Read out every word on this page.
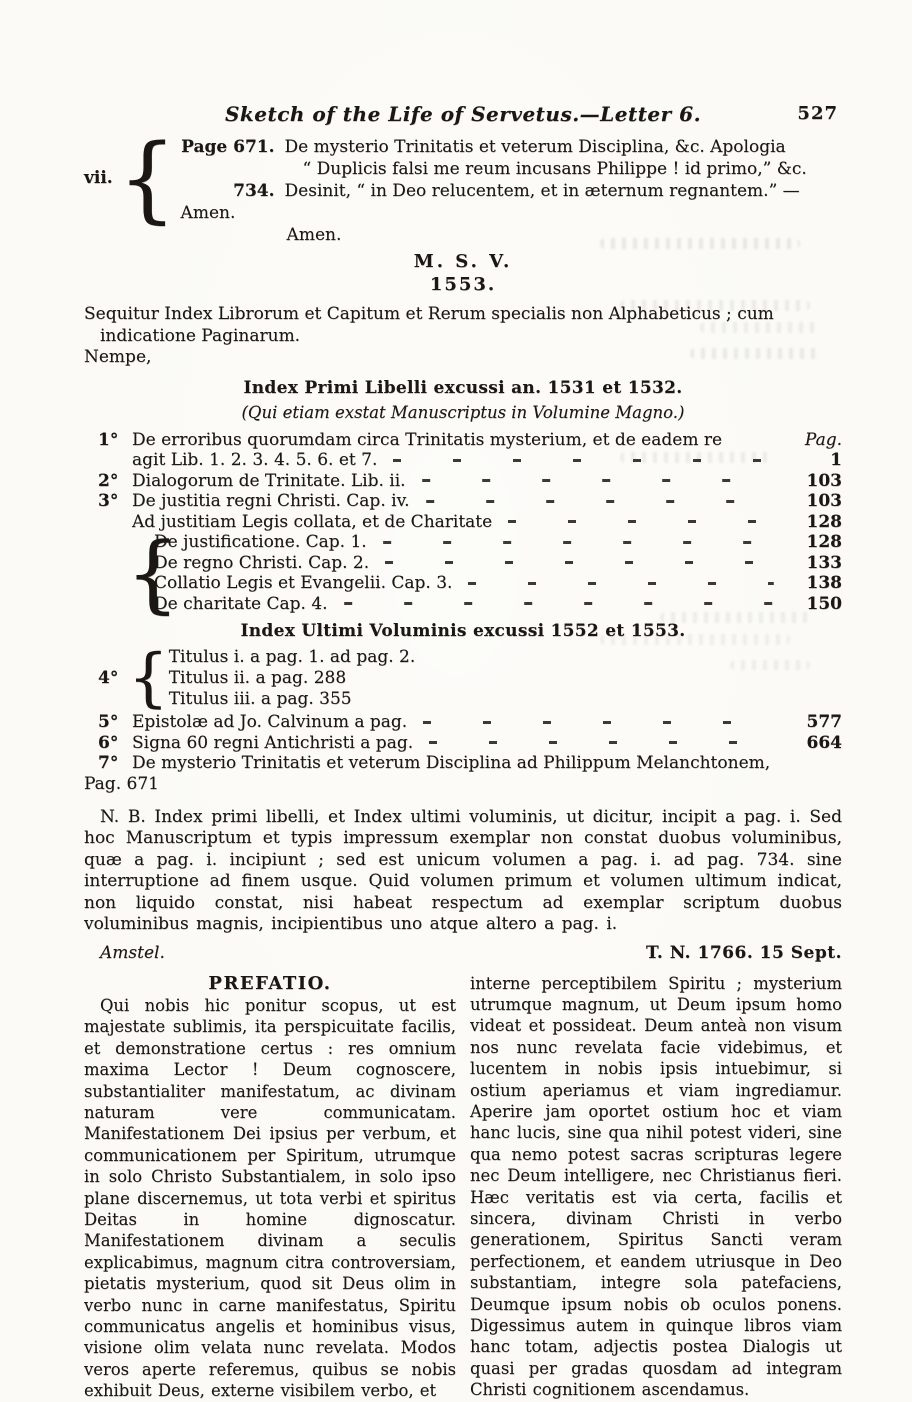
Sketch of the Life of Servetus.—Letter 6.	527
vii. { Page 671. De mysterio Trinitatis et veterum Disciplina, &c. Apologia
“ Duplicis falsi me reum incusans Philippe ! id primo,” &c.
734. Desinit, “ in Deo relucentem, et in æternum regnantem.” —Amen.
Amen.
M. S. V.
1553.
Sequitur Index Librorum et Capitum et Rerum specialis non Alphabeticus ; cum
indicatione Paginarum.
Nempe,
Index Primi Libelli excussi an. 1531 et 1532.
(Qui etiam exstat Manuscriptus in Volumine Magno.)
1° De erroribus quorumdam circa Trinitatis mysterium, et de eadem re	Pag.
agit Lib. 1. 2. 3. 4. 5. 6. et 7.	1
2° Dialogorum de Trinitate. Lib. ii.	103
3° De justitia regni Christi. Cap. iv.	103
Ad justitiam Legis collata, et de Charitate	128
{
De justificatione. Cap. 1.	128
De regno Christi. Cap. 2.	133
Collatio Legis et Evangelii. Cap. 3.	138
De charitate Cap. 4.	150
Index Ultimi Voluminis excussi 1552 et 1553.
4° { Titulus i. a pag. 1. ad pag. 2.
Titulus ii. a pag. 288
Titulus iii. a pag. 355
5° Epistolæ ad Jo. Calvinum a pag.	577
6° Signa 60 regni Antichristi a pag.	664
7° De mysterio Trinitatis et veterum Disciplina ad Philippum Melanchtonem,
Pag. 671

N. B. Index primi libelli, et Index ultimi voluminis, ut dicitur, incipit a pag. i. Sed hoc Manuscriptum et typis impressum exemplar non constat duobus voluminibus, quæ a pag. i. incipiunt ; sed est unicum volumen a pag. i. ad pag. 734. sine interruptione ad finem usque. Quid volumen primum et volumen ultimum indicat, non liquido constat, nisi habeat respectum ad exemplar scriptum duobus voluminibus magnis, incipientibus uno atque altero a pag. i.

Amstel.	T. N. 1766. 15 Sept.
PREFATIO.
Qui nobis hic ponitur scopus, ut est majestate sublimis, ita perspicuitate facilis, et demonstratione certus : res omnium maxima Lector ! Deum cognoscere, substantialiter manifestatum, ac divinam naturam vere communicatam. Manifestationem Dei ipsius per verbum, et communicationem per Spiritum, utrumque in solo Christo Substantialem, in solo ipso plane discernemus, ut tota verbi et spiritus Deitas in homine dignoscatur. Manifestationem divinam a seculis explicabimus, magnum citra controversiam, pietatis mysterium, quod sit Deus olim in verbo nunc in carne manifestatus, Spiritu communicatus angelis et hominibus visus, visione olim velata nunc revelata. Modos veros aperte referemus, quibus se nobis exhibuit Deus, externe visibilem verbo, et
interne perceptibilem Spiritu ; mysterium utrumque magnum, ut Deum ipsum homo videat et possideat. Deum anteà non visum nos nunc revelata facie videbimus, et lucentem in nobis ipsis intuebimur, si ostium aperiamus et viam ingrediamur. Aperire jam oportet ostium hoc et viam hanc lucis, sine qua nihil potest videri, sine qua nemo potest sacras scripturas legere nec Deum intelligere, nec Christianus fieri. Hæc veritatis est via certa, facilis et sincera, divinam Christi in verbo generationem, Spiritus Sancti veram perfectionem, et eandem utriusque in Deo substantiam, integre sola patefaciens, Deumque ipsum nobis ob oculos ponens. Digessimus autem in quinque libros viam hanc totam, adjectis postea Dialogis ut quasi per gradas quosdam ad integram Christi cognitionem ascendamus.
